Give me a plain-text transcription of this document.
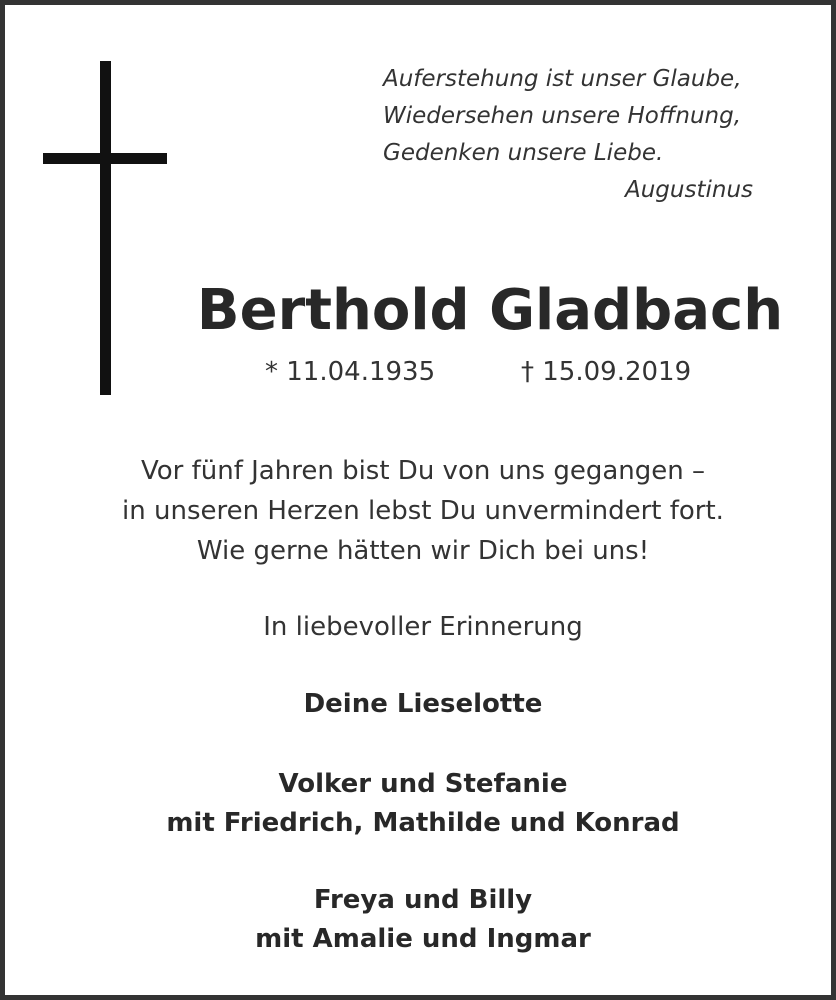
Auferstehung ist unser Glaube,
Wiedersehen unsere Hoffnung,
Gedenken unsere Liebe.
Augustinus
Berthold Gladbach
* 11.04.1935	† 15.09.2019
Vor fünf Jahren bist Du von uns gegangen –
in unseren Herzen lebst Du unvermindert fort.
Wie gerne hätten wir Dich bei uns!
In liebevoller Erinnerung
Deine Lieselotte
Volker und Stefanie
mit Friedrich, Mathilde und Konrad
Freya und Billy
mit Amalie und Ingmar
